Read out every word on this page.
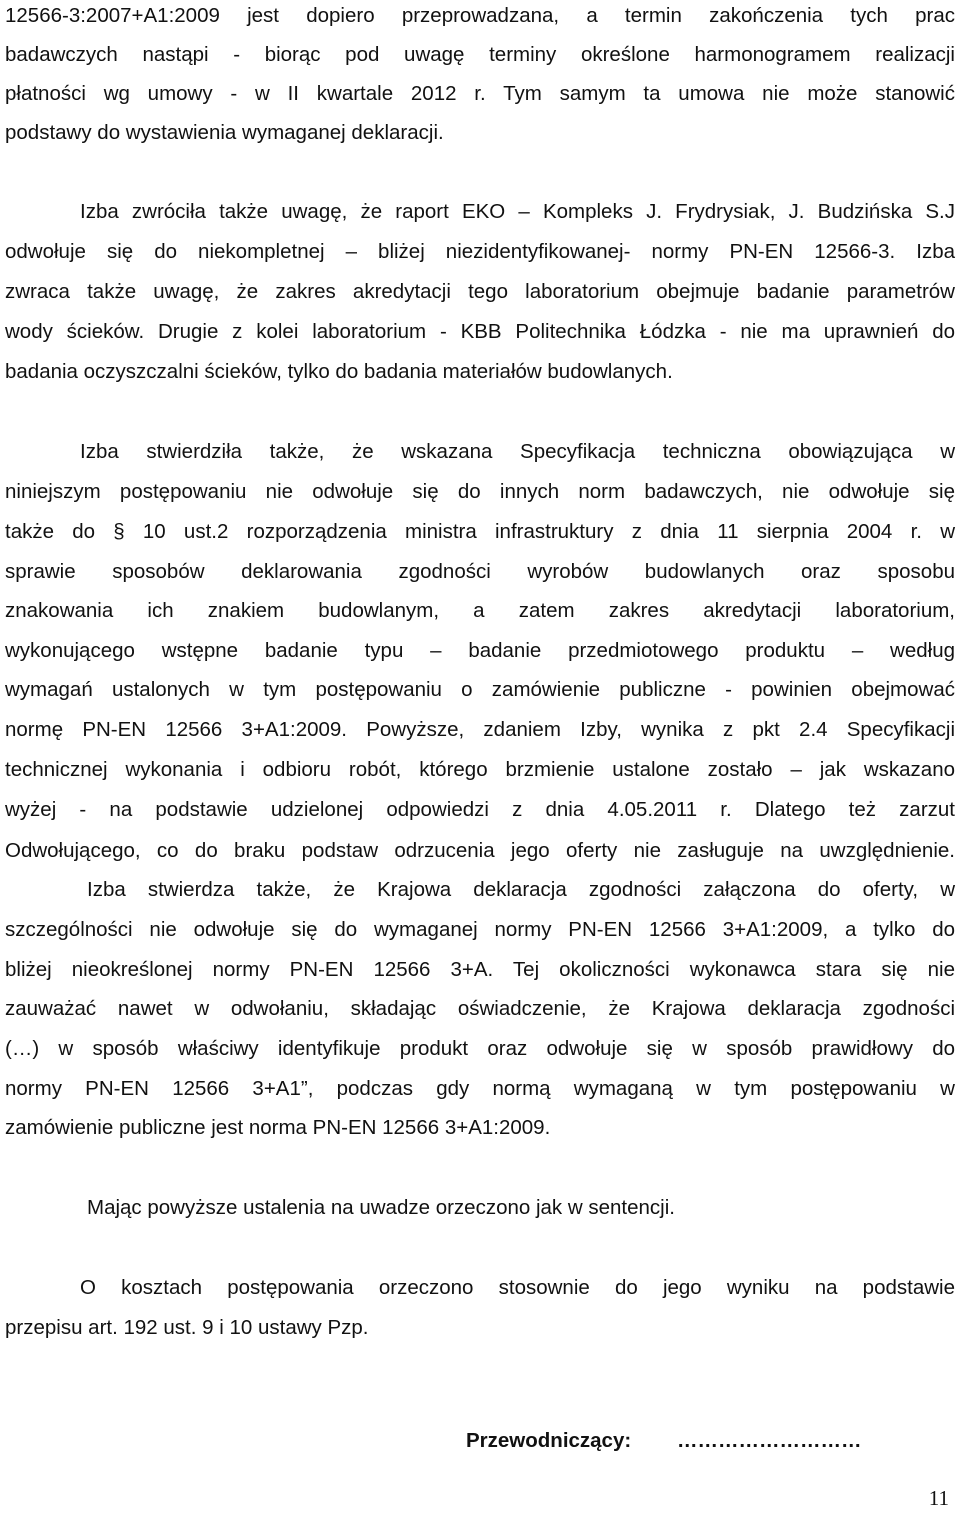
12566-3:2007+A1:2009 jest dopiero przeprowadzana, a termin zakończenia tych prac
badawczych nastąpi - biorąc pod uwagę terminy określone harmonogramem realizacji
płatności wg umowy - w II kwartale 2012 r. Tym samym ta umowa nie może stanowić
podstawy do wystawienia wymaganej deklaracji.
Izba zwróciła także uwagę, że raport EKO – Kompleks J. Frydrysiak, J. Budzińska S.J
odwołuje się do niekompletnej – bliżej niezidentyfikowanej- normy PN-EN 12566-3. Izba
zwraca także uwagę, że zakres akredytacji tego laboratorium obejmuje badanie parametrów
wody ścieków. Drugie z kolei laboratorium - KBB Politechnika Łódzka - nie ma uprawnień do
badania oczyszczalni ścieków, tylko do badania materiałów budowlanych.
Izba stwierdziła także, że wskazana Specyfikacja techniczna obowiązująca w
niniejszym postępowaniu nie odwołuje się do innych norm badawczych, nie odwołuje się
także do § 10 ust.2 rozporządzenia ministra infrastruktury z dnia 11 sierpnia 2004 r. w
sprawie sposobów deklarowania zgodności wyrobów budowlanych oraz sposobu
znakowania ich znakiem budowlanym, a zatem zakres akredytacji laboratorium,
wykonującego wstępne badanie typu – badanie przedmiotowego produktu – według
wymagań ustalonych w tym postępowaniu o zamówienie publiczne - powinien obejmować
normę PN-EN 12566 3+A1:2009. Powyższe, zdaniem Izby, wynika z pkt 2.4 Specyfikacji
technicznej wykonania i odbioru robót, którego brzmienie ustalone zostało – jak wskazano
wyżej - na podstawie udzielonej odpowiedzi z dnia 4.05.2011 r. Dlatego też zarzut
Odwołującego, co do braku podstaw odrzucenia jego oferty nie zasługuje na uwzględnienie.
Izba stwierdza także, że Krajowa deklaracja zgodności załączona do oferty, w
szczególności nie odwołuje się do wymaganej normy PN-EN 12566 3+A1:2009, a tylko do
bliżej nieokreślonej normy PN-EN 12566 3+A. Tej okoliczności wykonawca stara się nie
zauważać nawet w odwołaniu, składając oświadczenie, że Krajowa deklaracja zgodności
(…) w sposób właściwy identyfikuje produkt oraz odwołuje się w sposób prawidłowy do
normy PN-EN 12566 3+A1”, podczas gdy normą wymaganą w tym postępowaniu w
zamówienie publiczne jest norma PN-EN 12566 3+A1:2009.
Mając powyższe ustalenia na uwadze orzeczono jak w sentencji.
O kosztach postępowania orzeczono stosownie do jego wyniku na podstawie
przepisu art. 192 ust. 9 i 10 ustawy Pzp.
Przewodniczący: ………………………
11
